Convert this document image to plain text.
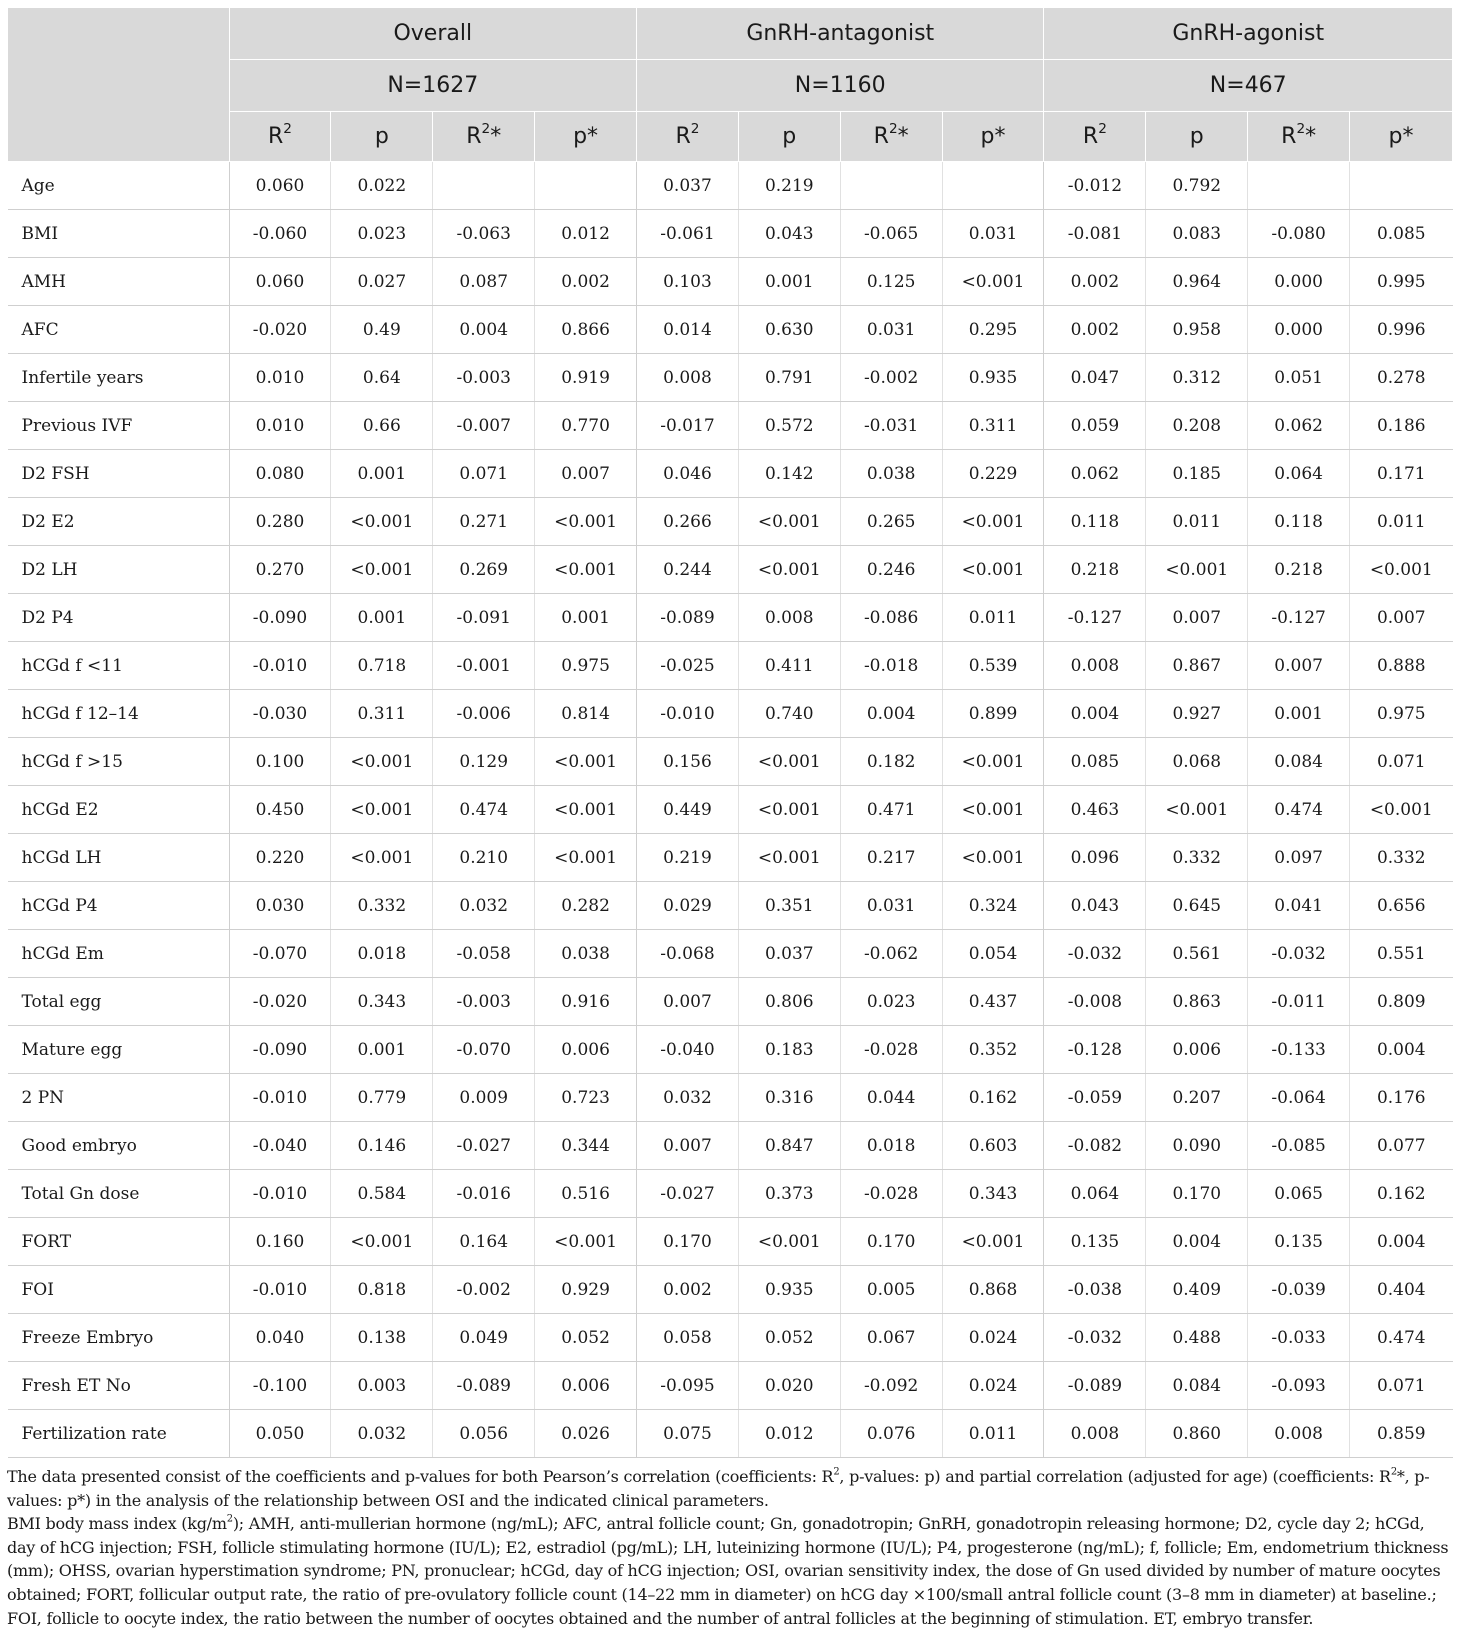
	Overall				GnRH-antagonist				GnRH-agonist			
	N=1627				N=1160				N=467			
	$R^2$	p	$R^2*$	p*	$R^2$	p	$R^2*$	p*	$R^2$	p	$R^2*$	p*
Age	0.060	0.022			0.037	0.219			-0.012	0.792		
BMI	-0.060	0.023	-0.063	0.012	-0.061	0.043	-0.065	0.031	-0.081	0.083	-0.080	0.085
AMH	0.060	0.027	0.087	0.002	0.103	0.001	0.125	<0.001	0.002	0.964	0.000	0.995
AFC	-0.020	0.49	0.004	0.866	0.014	0.630	0.031	0.295	0.002	0.958	0.000	0.996
Infertile years	0.010	0.64	-0.003	0.919	0.008	0.791	-0.002	0.935	0.047	0.312	0.051	0.278
Previous IVF	0.010	0.66	-0.007	0.770	-0.017	0.572	-0.031	0.311	0.059	0.208	0.062	0.186
D2 FSH	0.080	0.001	0.071	0.007	0.046	0.142	0.038	0.229	0.062	0.185	0.064	0.171
D2 E2	0.280	<0.001	0.271	<0.001	0.266	<0.001	0.265	<0.001	0.118	0.011	0.118	0.011
D2 LH	0.270	<0.001	0.269	<0.001	0.244	<0.001	0.246	<0.001	0.218	<0.001	0.218	<0.001
D2 P4	-0.090	0.001	-0.091	0.001	-0.089	0.008	-0.086	0.011	-0.127	0.007	-0.127	0.007
hCGd f <11	-0.010	0.718	-0.001	0.975	-0.025	0.411	-0.018	0.539	0.008	0.867	0.007	0.888
hCGd f 12–14	-0.030	0.311	-0.006	0.814	-0.010	0.740	0.004	0.899	0.004	0.927	0.001	0.975
hCGd f >15	0.100	<0.001	0.129	<0.001	0.156	<0.001	0.182	<0.001	0.085	0.068	0.084	0.071
hCGd E2	0.450	<0.001	0.474	<0.001	0.449	<0.001	0.471	<0.001	0.463	<0.001	0.474	<0.001
hCGd LH	0.220	<0.001	0.210	<0.001	0.219	<0.001	0.217	<0.001	0.096	0.332	0.097	0.332
hCGd P4	0.030	0.332	0.032	0.282	0.029	0.351	0.031	0.324	0.043	0.645	0.041	0.656
hCGd Em	-0.070	0.018	-0.058	0.038	-0.068	0.037	-0.062	0.054	-0.032	0.561	-0.032	0.551
Total egg	-0.020	0.343	-0.003	0.916	0.007	0.806	0.023	0.437	-0.008	0.863	-0.011	0.809
Mature egg	-0.090	0.001	-0.070	0.006	-0.040	0.183	-0.028	0.352	-0.128	0.006	-0.133	0.004
2 PN	-0.010	0.779	0.009	0.723	0.032	0.316	0.044	0.162	-0.059	0.207	-0.064	0.176
Good embryo	-0.040	0.146	-0.027	0.344	0.007	0.847	0.018	0.603	-0.082	0.090	-0.085	0.077
Total Gn dose	-0.010	0.584	-0.016	0.516	-0.027	0.373	-0.028	0.343	0.064	0.170	0.065	0.162
FORT	0.160	<0.001	0.164	<0.001	0.170	<0.001	0.170	<0.001	0.135	0.004	0.135	0.004
FOI	-0.010	0.818	-0.002	0.929	0.002	0.935	0.005	0.868	-0.038	0.409	-0.039	0.404
Freeze Embryo	0.040	0.138	0.049	0.052	0.058	0.052	0.067	0.024	-0.032	0.488	-0.033	0.474
Fresh ET No	-0.100	0.003	-0.089	0.006	-0.095	0.020	-0.092	0.024	-0.089	0.084	-0.093	0.071
Fertilization rate	0.050	0.032	0.056	0.026	0.075	0.012	0.076	0.011	0.008	0.860	0.008	0.859

The data presented consist of the coefficients and p-values for both Pearson’s correlation (coefficients: $R^2$, p-values: p) and partial correlation (adjusted for age) (coefficients: $R^2*$, p-values: p*) in the analysis of the relationship between OSI and the indicated clinical parameters.

BMI body mass index $(kg/m^2)$; AMH, anti-mullerian hormone (ng/mL); AFC, antral follicle count; Gn, gonadotropin; GnRH, gonadotropin releasing hormone; D2, cycle day 2; hCGd, day of hCG injection; FSH, follicle stimulating hormone (IU/L); E2, estradiol (pg/mL); LH, luteinizing hormone (IU/L); P4, progesterone (ng/mL); f, follicle; Em, endometrium thickness (mm); OHSS, ovarian hyperstimation syndrome; PN, pronuclear; hCGd, day of hCG injection; OSI, ovarian sensitivity index, the dose of Gn used divided by number of mature oocytes obtained; FORT, follicular output rate, the ratio of pre-ovulatory follicle count (14–22 mm in diameter) on hCG day ×100/small antral follicle count (3–8 mm in diameter) at baseline.; FOI, follicle to oocyte index, the ratio between the number of oocytes obtained and the number of antral follicles at the beginning of stimulation. ET, embryo transfer.
